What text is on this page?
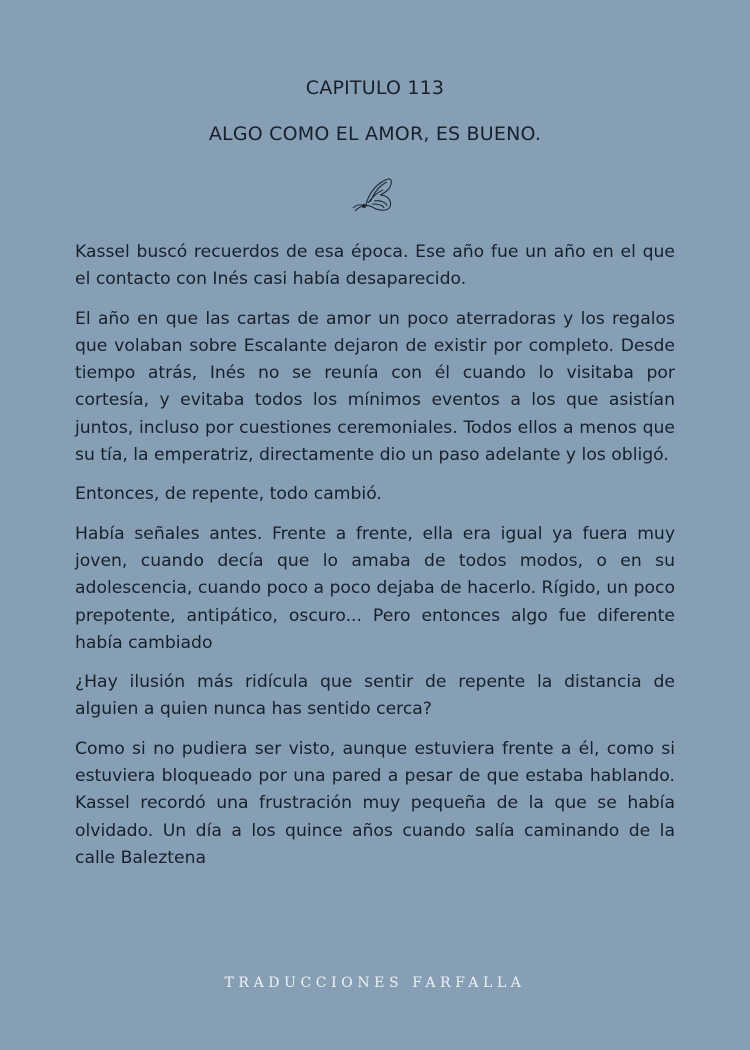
CAPITULO 113
ALGO COMO EL AMOR, ES BUENO.

Kassel buscó recuerdos de esa época. Ese año fue un año en el que el contacto con Inés casi había desaparecido.

El año en que las cartas de amor un poco aterradoras y los regalos que volaban sobre Escalante dejaron de existir por completo. Desde tiempo atrás, Inés no se reunía con él cuando lo visitaba por cortesía, y evitaba todos los mínimos eventos a los que asistían juntos, incluso por cuestiones ceremoniales. Todos ellos a menos que su tía, la emperatriz, directamente dio un paso adelante y los obligó.

Entonces, de repente, todo cambió.

Había señales antes. Frente a frente, ella era igual ya fuera muy joven, cuando decía que lo amaba de todos modos, o en su adolescencia, cuando poco a poco dejaba de hacerlo. Rígido, un poco prepotente, antipático, oscuro... Pero entonces algo fue diferente había cambiado

¿Hay ilusión más ridícula que sentir de repente la distancia de alguien a quien nunca has sentido cerca?

Como si no pudiera ser visto, aunque estuviera frente a él, como si estuviera bloqueado por una pared a pesar de que estaba hablando. Kassel recordó una frustración muy pequeña de la que se había olvidado. Un día a los quince años cuando salía caminando de la calle Baleztena

TRADUCCIONES FARFALLA
